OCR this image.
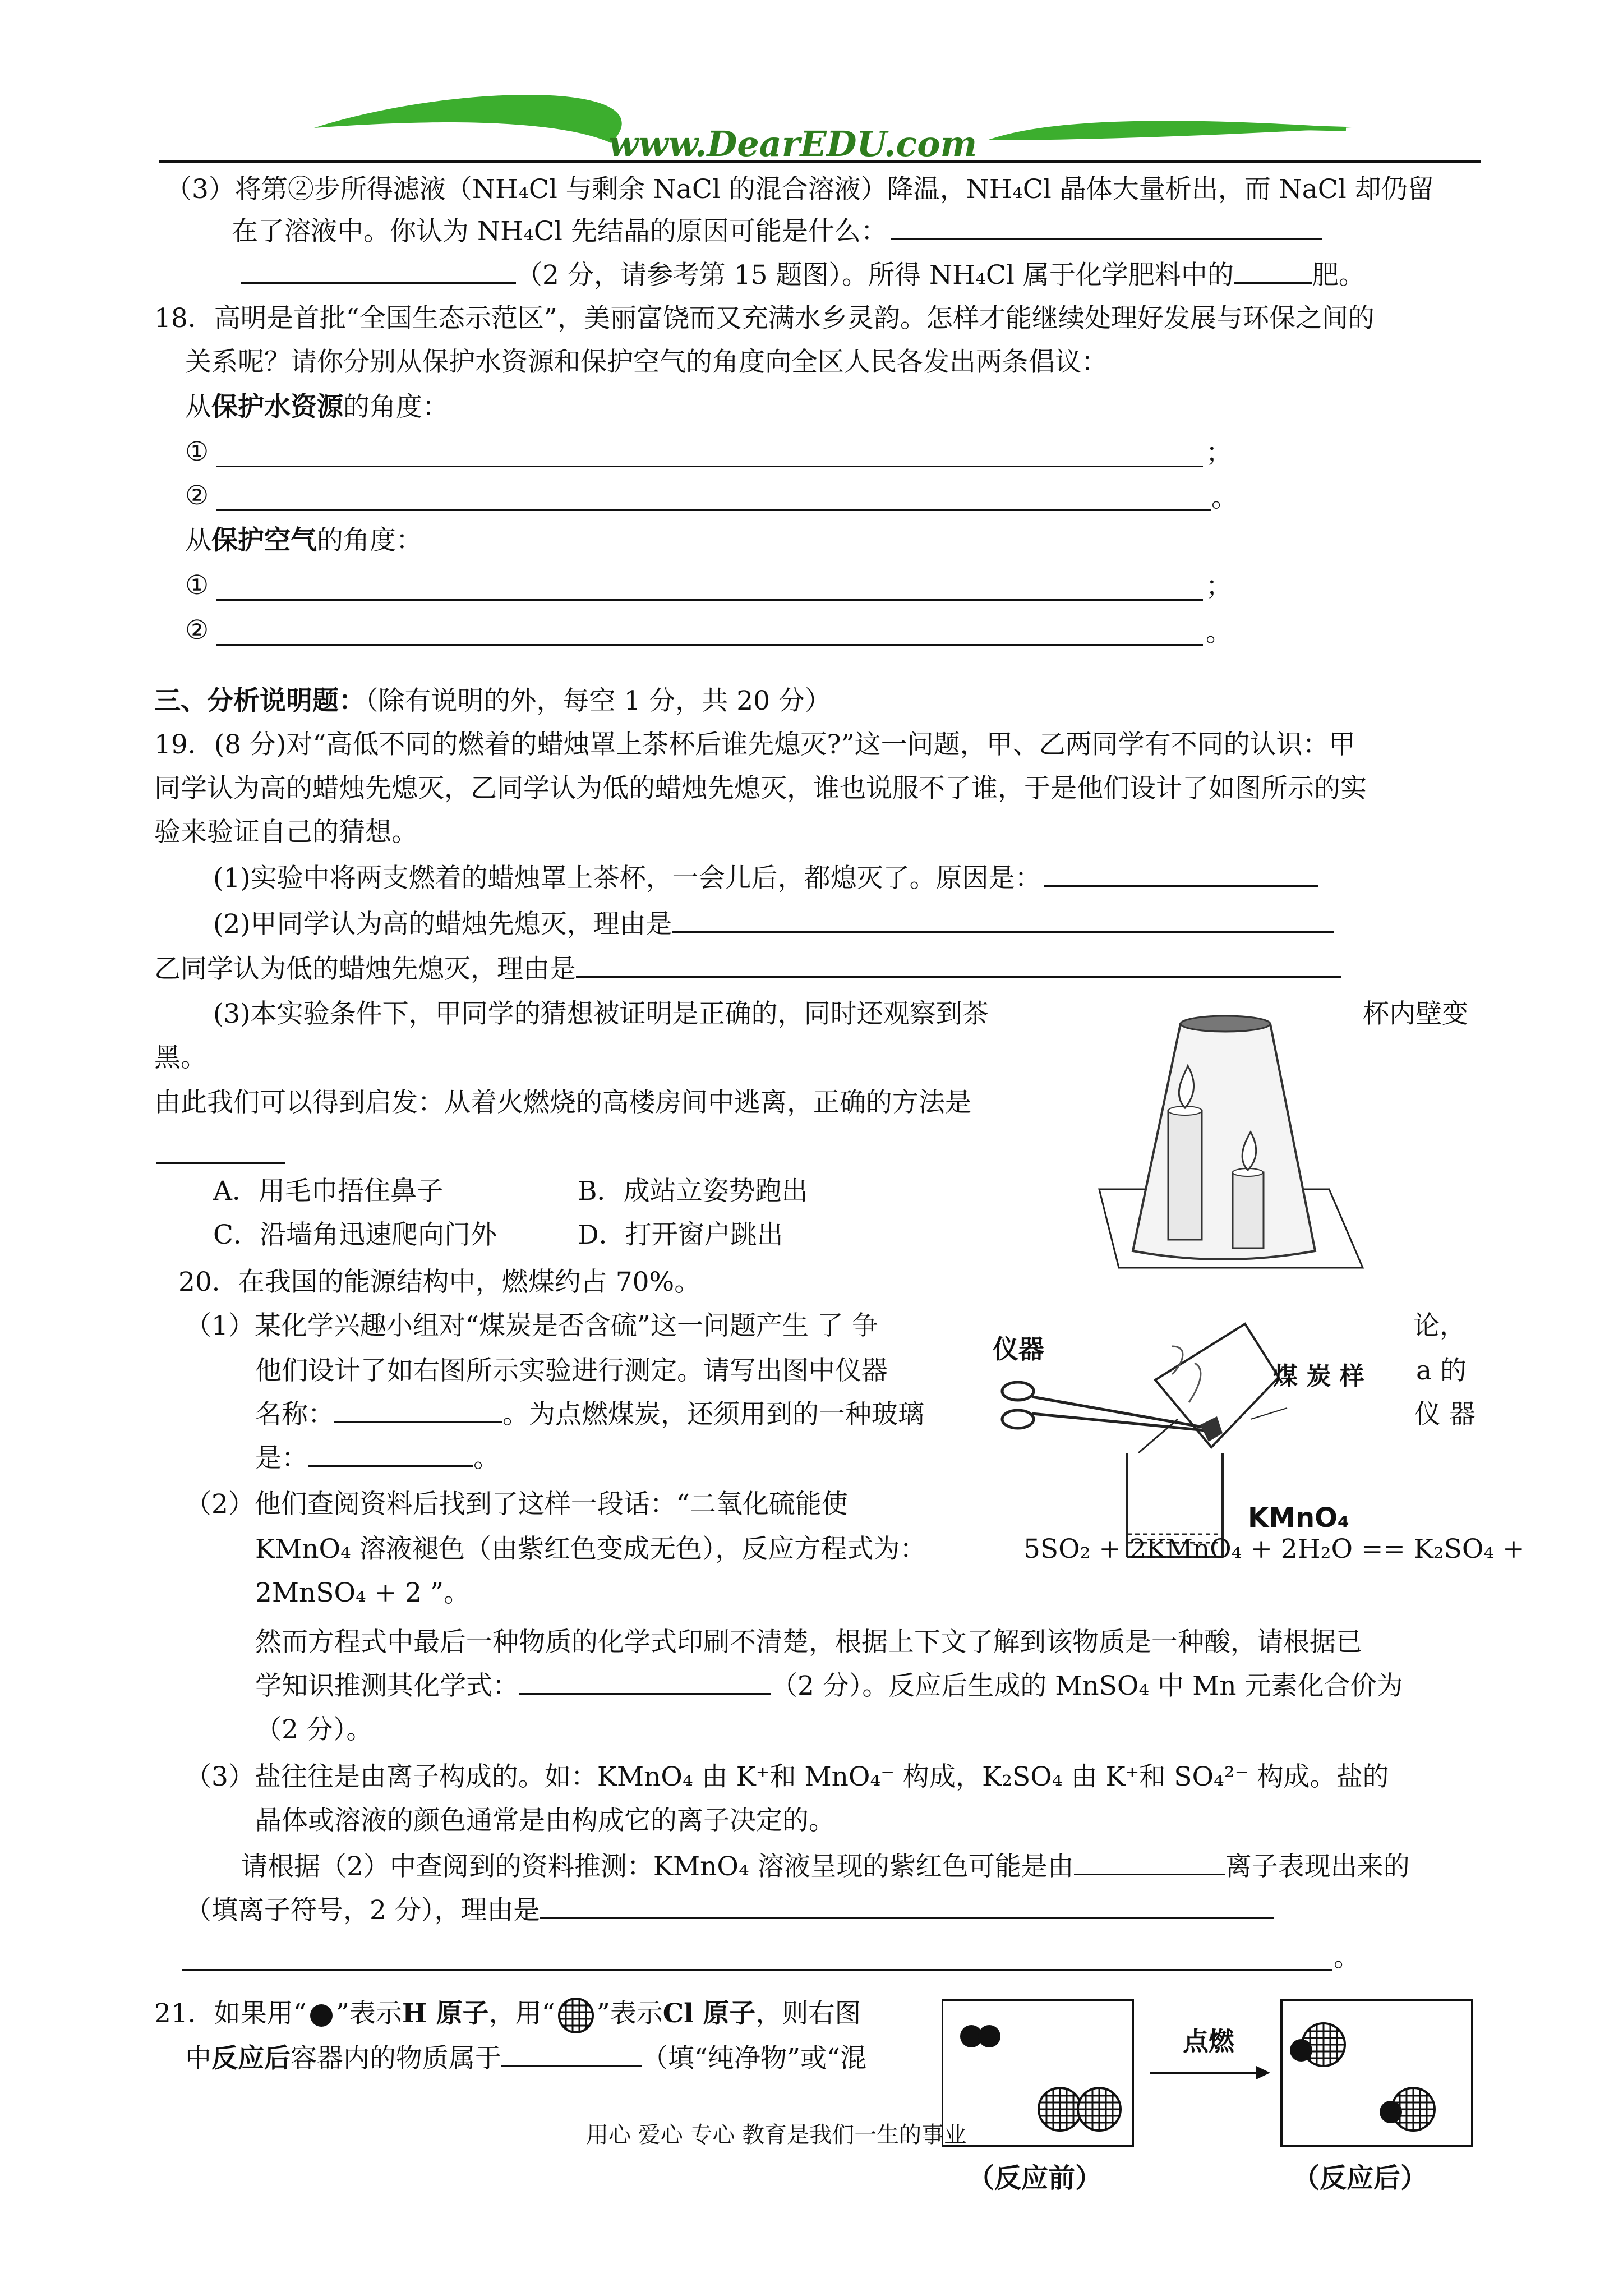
www.DearEDU.com
（3）将第②步所得滤液（NH₄Cl 与剩余 NaCl 的混合溶液）降温，NH₄Cl 晶体大量析出，而 NaCl 却仍留
在了溶液中。你认为 NH₄Cl 先结晶的原因可能是什么：
（2 分，请参考第 15 题图）。所得 NH₄Cl 属于化学肥料中的	肥。
18．高明是首批“全国生态示范区”，美丽富饶而又充满水乡灵韵。怎样才能继续处理好发展与环保之间的
关系呢？请你分别从保护水资源和保护空气的角度向全区人民各发出两条倡议：
从保护水资源的角度：
①	；
②	。
从保护空气的角度：
①	；
②	。
三、分析说明题：（除有说明的外，每空 1 分，共 20 分）
19．(8 分)对“高低不同的燃着的蜡烛罩上茶杯后谁先熄灭?”这一问题，甲、乙两同学有不同的认识：甲
同学认为高的蜡烛先熄灭，乙同学认为低的蜡烛先熄灭，谁也说服不了谁，于是他们设计了如图所示的实
验来验证自己的猜想。
(1)实验中将两支燃着的蜡烛罩上茶杯，一会儿后，都熄灭了。原因是：
(2)甲同学认为高的蜡烛先熄灭，理由是
乙同学认为低的蜡烛先熄灭，理由是
(3)本实验条件下，甲同学的猜想被证明是正确的，同时还观察到茶	杯内壁变
黑。
由此我们可以得到启发：从着火燃烧的高楼房间中逃离，正确的方法是
A．用毛巾捂住鼻子	B．成站立姿势跑出
C．沿墙角迅速爬向门外	D．打开窗户跳出
20．在我国的能源结构中，燃煤约占 70%。
（1）某化学兴趣小组对“煤炭是否含硫”这一问题产生 了 争	论，
他们设计了如右图所示实验进行测定。请写出图中仪器	a 的
名称：	。为点燃煤炭，还须用到的一种玻璃	仪 器
是：	。
仪器
煤 炭 样
KMnO₄
（2）他们查阅资料后找到了这样一段话：“二氧化硫能使
KMnO₄ 溶液褪色（由紫红色变成无色），反应方程式为：	5SO₂ + 2KMnO₄ + 2H₂O == K₂SO₄ +
2MnSO₄ + 2 ”。
然而方程式中最后一种物质的化学式印刷不清楚，根据上下文了解到该物质是一种酸，请根据已
学知识推测其化学式：	（2 分）。反应后生成的 MnSO₄ 中 Mn 元素化合价为
（2 分）。
（3）盐往往是由离子构成的。如：KMnO₄ 由 K⁺和 MnO₄⁻ 构成，K₂SO₄ 由 K⁺和 SO₄²⁻ 构成。盐的
晶体或溶液的颜色通常是由构成它的离子决定的。
请根据（2）中查阅到的资料推测：KMnO₄ 溶液呈现的紫红色可能是由	离子表现出来的
（填离子符号，2 分），理由是
。
21．如果用“ ”表示H 原子，用“ ”表示Cl 原子，则右图
中反应后容器内的物质属于	（填“纯净物”或“混
点燃
（反应前）	（反应后）
用心 爱心 专心 教育是我们一生的事业
